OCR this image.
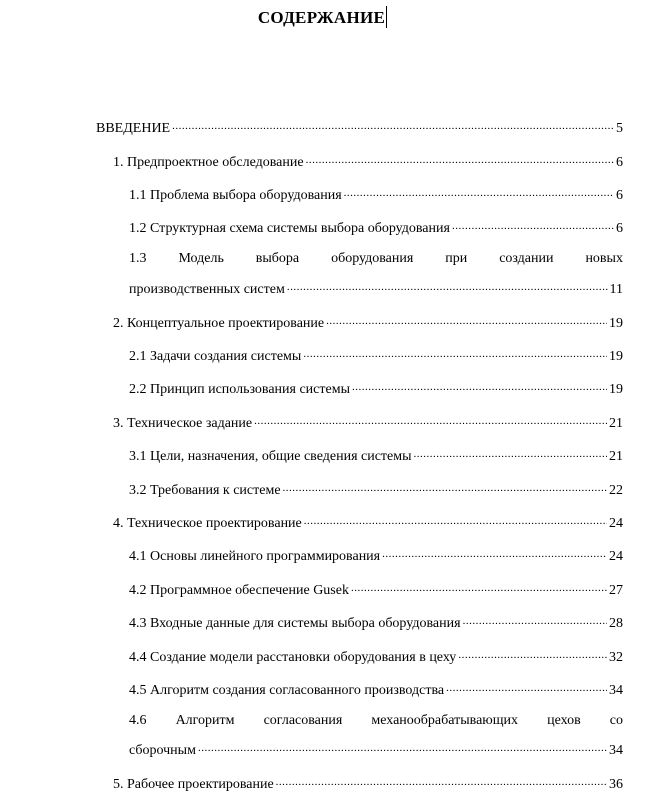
СОДЕРЖАНИЕ
ВВЕДЕНИЕ .....	5
1. Предпроектное обследование .....	6
1.1 Проблема выбора оборудования .....	6
1.2 Структурная схема системы выбора оборудования .....	6
1.3 Модель выбора оборудования при создании новых
производственных систем .....	11
2. Концептуальное проектирование .....	19
2.1 Задачи создания системы .....	19
2.2 Принцип использования системы .....	19
3. Техническое задание .....	21
3.1 Цели, назначения, общие сведения системы .....	21
3.2 Требования к системе .....	22
4. Техническое проектирование .....	24
4.1 Основы линейного программирования .....	24
4.2 Программное обеспечение Gusek .....	27
4.3 Входные данные для системы выбора оборудования .....	28
4.4 Создание модели расстановки оборудования в цеху .....	32
4.5 Алгоритм создания согласованного производства .....	34
4.6 Алгоритм согласования механообрабатывающих цехов со
сборочным .....	34
5. Рабочее проектирование .....	36
